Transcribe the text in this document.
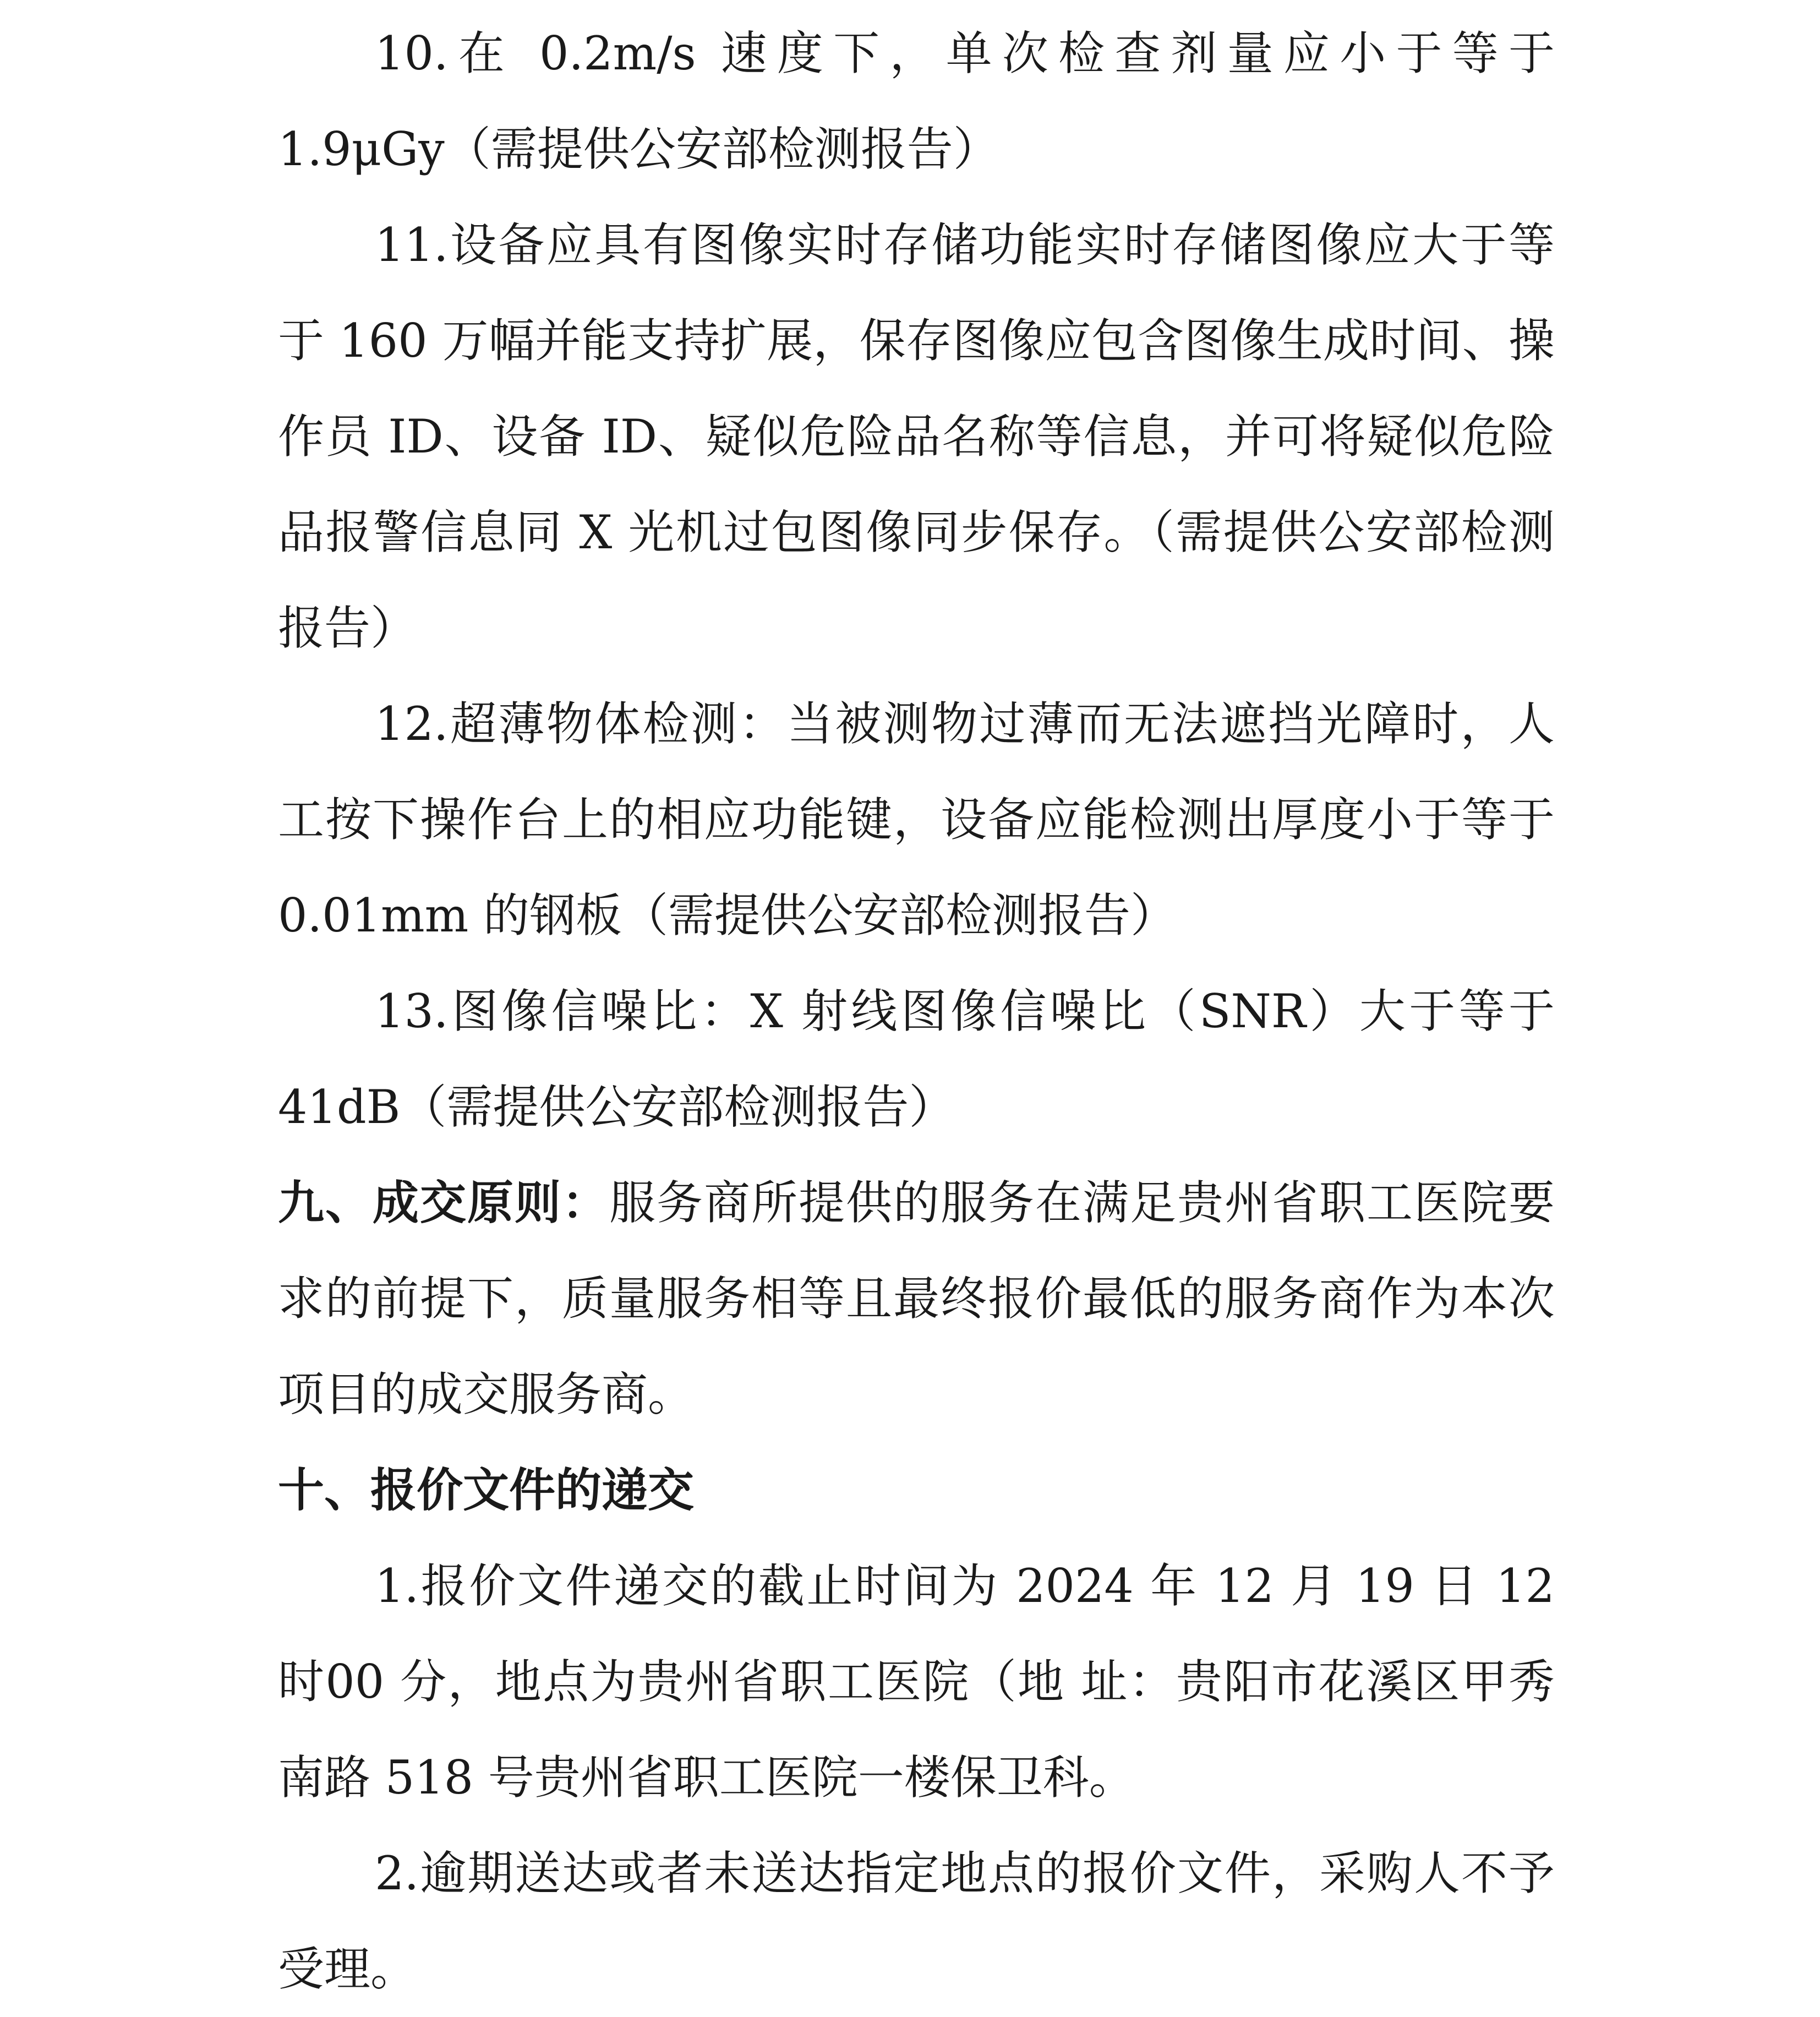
10.在 0.2m/s 速度下，单次检查剂量应小于等于 1.9μGy（需提供公安部检测报告）

11.设备应具有图像实时存储功能实时存储图像应大于等于 160 万幅并能支持扩展，保存图像应包含图像生成时间、操作员 ID、设备 ID、疑似危险品名称等信息，并可将疑似危险品报警信息同 X 光机过包图像同步保存。（需提供公安部检测报告）

12.超薄物体检测：当被测物过薄而无法遮挡光障时，人工按下操作台上的相应功能键，设备应能检测出厚度小于等于 0.01mm 的钢板（需提供公安部检测报告）

13.图像信噪比：X 射线图像信噪比（SNR）大于等于 41dB（需提供公安部检测报告）

九、成交原则：服务商所提供的服务在满足贵州省职工医院要求的前提下，质量服务相等且最终报价最低的服务商作为本次项目的成交服务商。

十、报价文件的递交

1.报价文件递交的截止时间为 2024 年 12 月 19 日 12 时00 分，地点为贵州省职工医院（地 址：贵阳市花溪区甲秀南路 518 号贵州省职工医院一楼保卫科。

2.逾期送达或者未送达指定地点的报价文件，采购人不予受理。
